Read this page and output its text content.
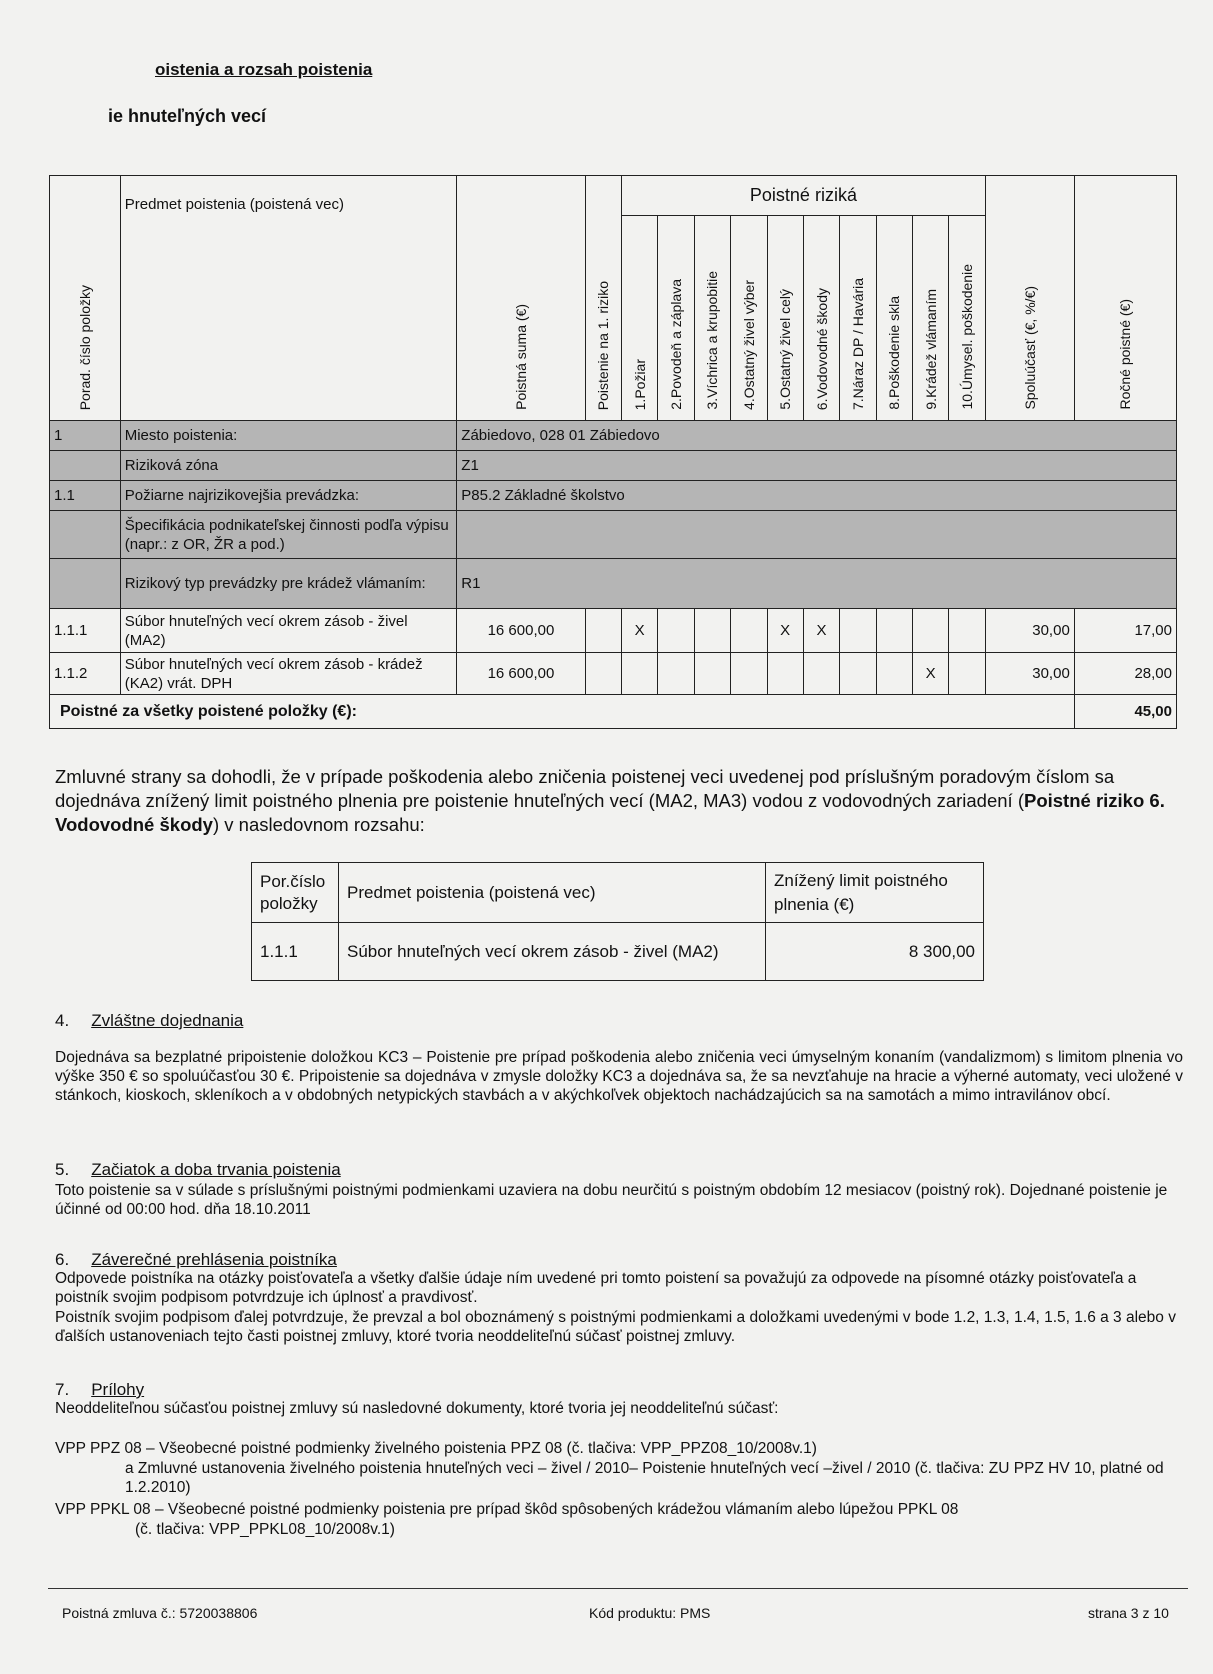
oistenia a rozsah poistenia
ie hnuteľných vecí
Porad. číslo položky	Predmet poistenia (poistená vec)	Poistná suma (€)	Poistenie na 1. riziko	Poistné riziká										Spoluúčasť (€, %/€)	Ročné poistné (€)
				1.Požiar	2.Povodeň a záplava	3.Víchrica a krupobitie	4.Ostatný živel výber	5.Ostatný živel celý	6.Vodovodné škody	7.Náraz DP / Havária	8.Poškodenie skla	9.Krádež vlámaním	10.Úmysel. poškodenie		
1	Miesto poistenia:	Zábiedovo, 028 01 Zábiedovo													
	Riziková zóna	Z1													
1.1	Požiarne najrizikovejšia prevádzka:	P85.2 Základné školstvo													
	Špecifikácia podnikateľskej činnosti podľa výpisu (napr.: z OR, ŽR a pod.)														
	Rizikový typ prevádzky pre krádež vlámaním:	R1													
1.1.1	Súbor hnuteľných vecí okrem zásob - živel (MA2)	16 600,00		X				X	X					30,00	17,00
1.1.2	Súbor hnuteľných vecí okrem zásob - krádež (KA2) vrát. DPH	16 600,00										X		30,00	28,00
Poistné za všetky poistené položky (€):															45,00
Zmluvné strany sa dohodli, že v prípade poškodenia alebo zničenia poistenej veci uvedenej pod príslušným poradovým číslom sa dojednáva znížený limit poistného plnenia pre poistenie hnuteľných vecí (MA2, MA3) vodou z vodovodných zariadení (Poistné riziko 6. Vodovodné škody) v nasledovnom rozsahu:
Por.číslo položky	Predmet poistenia (poistená vec)	Znížený limit poistného plnenia (€)
1.1.1	Súbor hnuteľných vecí okrem zásob - živel (MA2)	8 300,00
4. Zvláštne dojednania
Dojednáva sa bezplatné pripoistenie doložkou KC3 – Poistenie pre prípad poškodenia alebo zničenia veci úmyselným konaním (vandalizmom) s limitom plnenia vo výške 350 € so spoluúčasťou 30 €. Pripoistenie sa dojednáva v zmysle doložky KC3 a dojednáva sa, že sa nevzťahuje na hracie a výherné automaty, veci uložené v stánkoch, kioskoch, skleníkoch a v obdobných netypických stavbách a v akýchkoľvek objektoch nachádzajúcich sa na samotách a mimo intravilánov obcí.
5. Začiatok a doba trvania poistenia
Toto poistenie sa v súlade s príslušnými poistnými podmienkami uzaviera na dobu neurčitú s poistným obdobím 12 mesiacov (poistný rok). Dojednané poistenie je účinné od 00:00 hod. dňa 18.10.2011
6. Záverečné prehlásenia poistníka
Odpovede poistníka na otázky poisťovateľa a všetky ďalšie údaje ním uvedené pri tomto poistení sa považujú za odpovede na písomné otázky poisťovateľa a poistník svojim podpisom potvrdzuje ich úplnosť a pravdivosť.
Poistník svojim podpisom ďalej potvrdzuje, že prevzal a bol oboznámený s poistnými podmienkami a doložkami uvedenými v bode 1.2, 1.3, 1.4, 1.5, 1.6 a 3 alebo v ďalších ustanoveniach tejto časti poistnej zmluvy, ktoré tvoria neoddeliteľnú súčasť poistnej zmluvy.
7. Prílohy
Neoddeliteľnou súčasťou poistnej zmluvy sú nasledovné dokumenty, ktoré tvoria jej neoddeliteľnú súčasť:
VPP PPZ 08 – Všeobecné poistné podmienky živelného poistenia PPZ 08 (č. tlačiva: VPP_PPZ08_10/2008v.1)
a Zmluvné ustanovenia živelného poistenia hnuteľných veci – živel / 2010– Poistenie hnuteľných vecí –živel / 2010 (č. tlačiva: ZU PPZ HV 10, platné od 1.2.2010)
VPP PPKL 08 – Všeobecné poistné podmienky poistenia pre prípad škôd spôsobených krádežou vlámaním alebo lúpežou PPKL 08
(č. tlačiva: VPP_PPKL08_10/2008v.1)
Poistná zmluva č.: 5720038806	Kód produktu: PMS	strana 3 z 10
